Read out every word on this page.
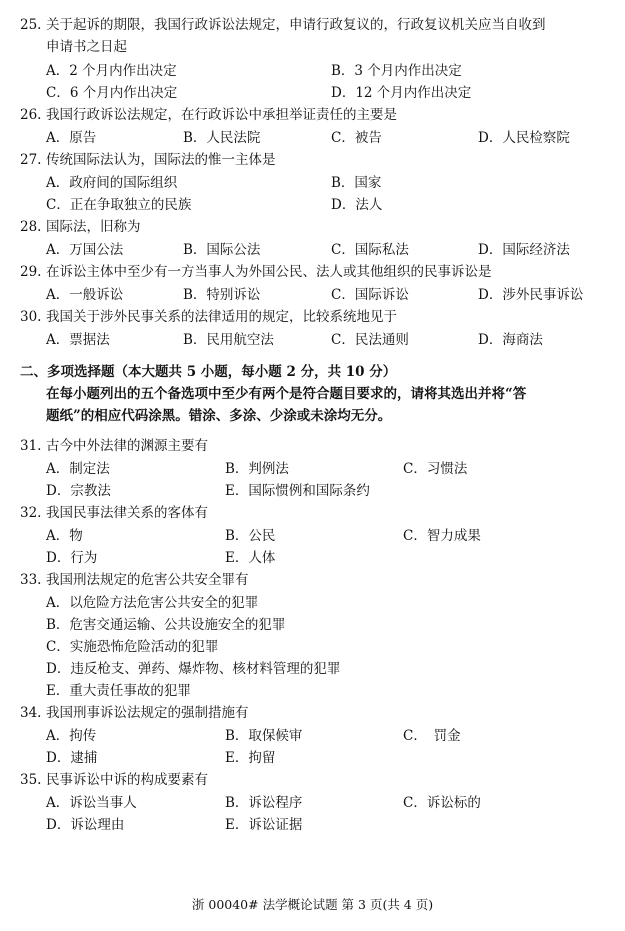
25. 关于起诉的期限，我国行政诉讼法规定，申请行政复议的，行政复议机关应当自收到
申请书之日起
A．2 个月内作出决定	B．3 个月内作出决定
C．6 个月内作出决定	D．12 个月内作出决定
26. 我国行政诉讼法规定，在行政诉讼中承担举证责任的主要是
A．原告	B．人民法院	C．被告	D．人民检察院
27. 传统国际法认为，国际法的惟一主体是
A．政府间的国际组织	B．国家
C．正在争取独立的民族	D．法人
28. 国际法，旧称为
A．万国公法	B．国际公法	C．国际私法	D．国际经济法
29. 在诉讼主体中至少有一方当事人为外国公民、法人或其他组织的民事诉讼是
A．一般诉讼	B．特别诉讼	C．国际诉讼	D．涉外民事诉讼
30. 我国关于涉外民事关系的法律适用的规定，比较系统地见于
A．票据法	B．民用航空法	C．民法通则	D．海商法
二、多项选择题（本大题共 5 小题，每小题 2 分，共 10 分）
在每小题列出的五个备选项中至少有两个是符合题目要求的，请将其选出并将“答
题纸”的相应代码涂黑。错涂、多涂、少涂或未涂均无分。
31. 古今中外法律的渊源主要有
A．制定法	B．判例法	C．习惯法
D．宗教法	E．国际惯例和国际条约
32. 我国民事法律关系的客体有
A．物	B．公民	C．智力成果
D．行为	E．人体
33. 我国刑法规定的危害公共安全罪有
A．以危险方法危害公共安全的犯罪
B．危害交通运输、公共设施安全的犯罪
C．实施恐怖危险活动的犯罪
D．违反枪支、弹药、爆炸物、核材料管理的犯罪
E．重大责任事故的犯罪
34. 我国刑事诉讼法规定的强制措施有
A．拘传	B．取保候审	C．　罚金
D．逮捕	E．拘留
35. 民事诉讼中诉的构成要素有
A．诉讼当事人	B．诉讼程序	C．诉讼标的
D．诉讼理由	E．诉讼证据
浙 00040# 法学概论试题 第 3 页(共 4 页)
